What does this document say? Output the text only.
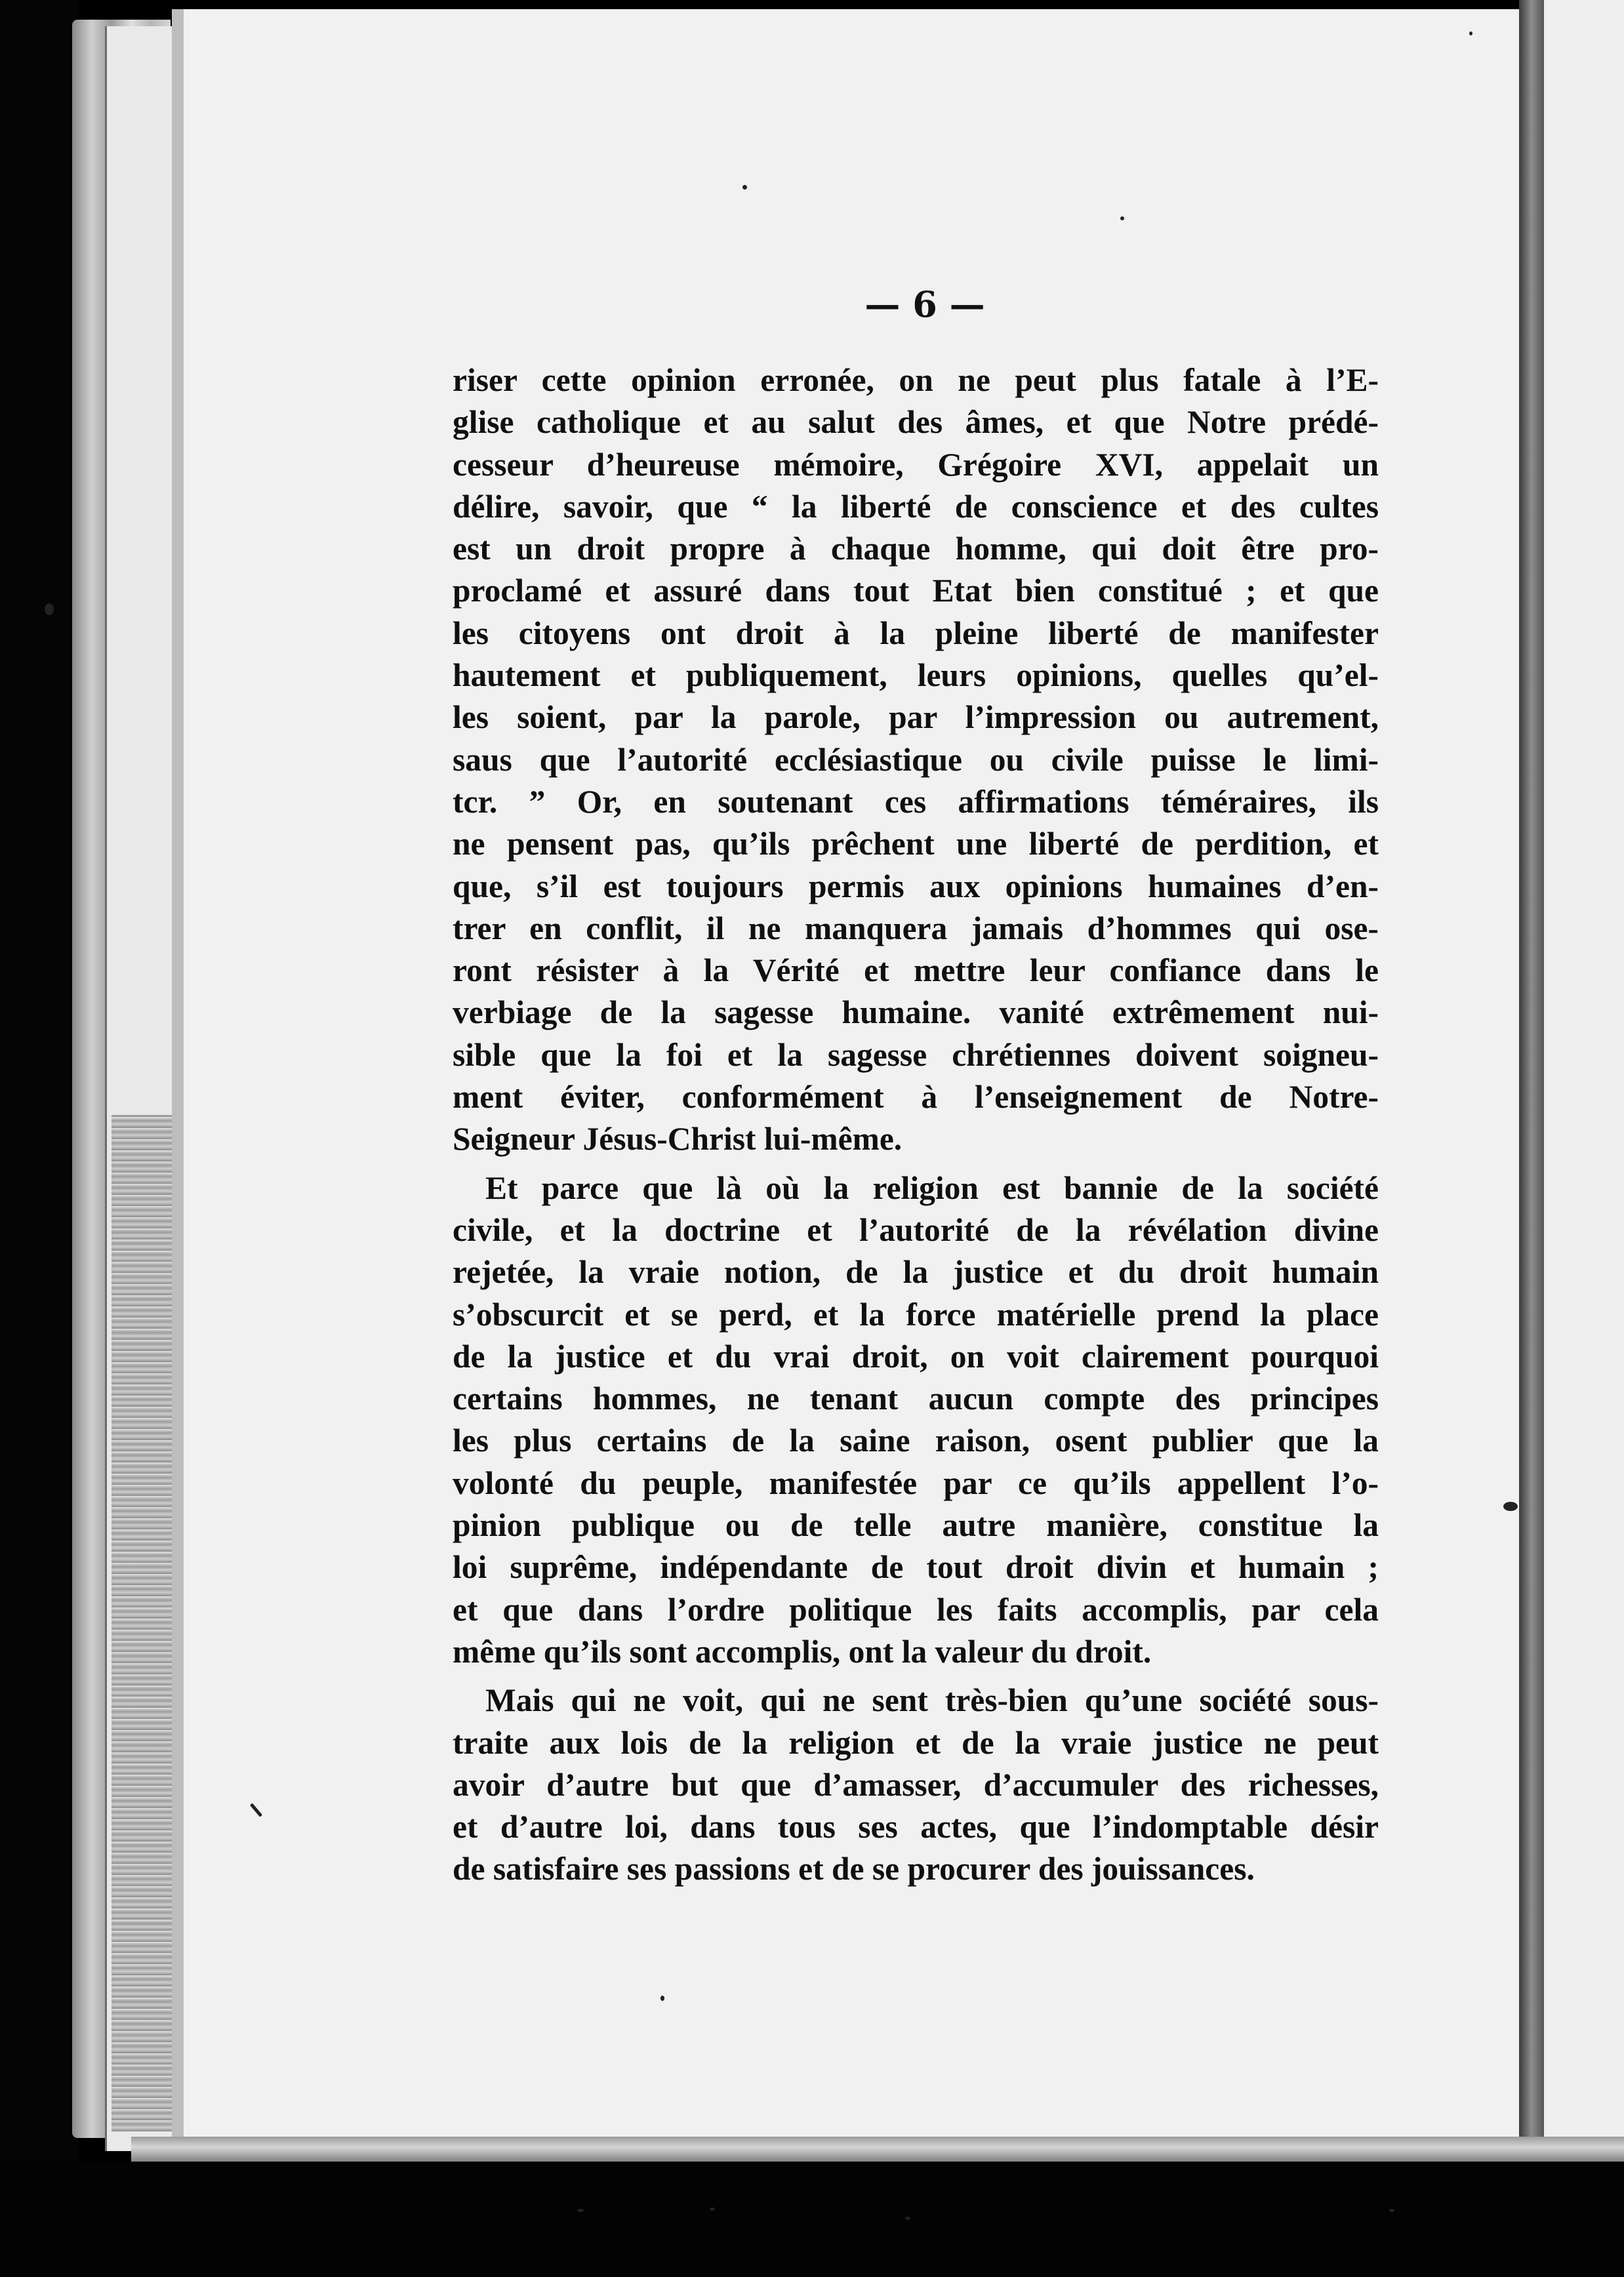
— 6 —
riser cette opinion erronée, on ne peut plus fatale à l’E-
glise catholique et au salut des âmes, et que Notre prédé-
cesseur d’heureuse mémoire, Grégoire XVI, appelait un
délire, savoir, que “ la liberté de conscience et des cultes
est un droit propre à chaque homme, qui doit être pro-
proclamé et assuré dans tout Etat bien constitué ; et que
les citoyens ont droit à la pleine liberté de manifester
hautement et publiquement, leurs opinions, quelles qu’el-
les soient, par la parole, par l’impression ou autrement,
saus que l’autorité ecclésiastique ou civile puisse le limi-
tcr. ” Or, en soutenant ces affirmations téméraires, ils
ne pensent pas, qu’ils prêchent une liberté de perdition, et
que, s’il est toujours permis aux opinions humaines d’en-
trer en conflit, il ne manquera jamais d’hommes qui ose-
ront résister à la Vérité et mettre leur confiance dans le
verbiage de la sagesse humaine. vanité extrêmement nui-
sible que la foi et la sagesse chrétiennes doivent soigneu-
ment éviter, conformément à l’enseignement de Notre-
Seigneur Jésus-Christ lui-même.
Et parce que là où la religion est bannie de la société
civile, et la doctrine et l’autorité de la révélation divine
rejetée, la vraie notion, de la justice et du droit humain
s’obscurcit et se perd, et la force matérielle prend la place
de la justice et du vrai droit, on voit clairement pourquoi
certains hommes, ne tenant aucun compte des principes
les plus certains de la saine raison, osent publier que la
volonté du peuple, manifestée par ce qu’ils appellent l’o-
pinion publique ou de telle autre manière, constitue la
loi suprême, indépendante de tout droit divin et humain ;
et que dans l’ordre politique les faits accomplis, par cela
même qu’ils sont accomplis, ont la valeur du droit.
Mais qui ne voit, qui ne sent très-bien qu’une société sous-
traite aux lois de la religion et de la vraie justice ne peut
avoir d’autre but que d’amasser, d’accumuler des richesses,
et d’autre loi, dans tous ses actes, que l’indomptable désir
de satisfaire ses passions et de se procurer des jouissances.
